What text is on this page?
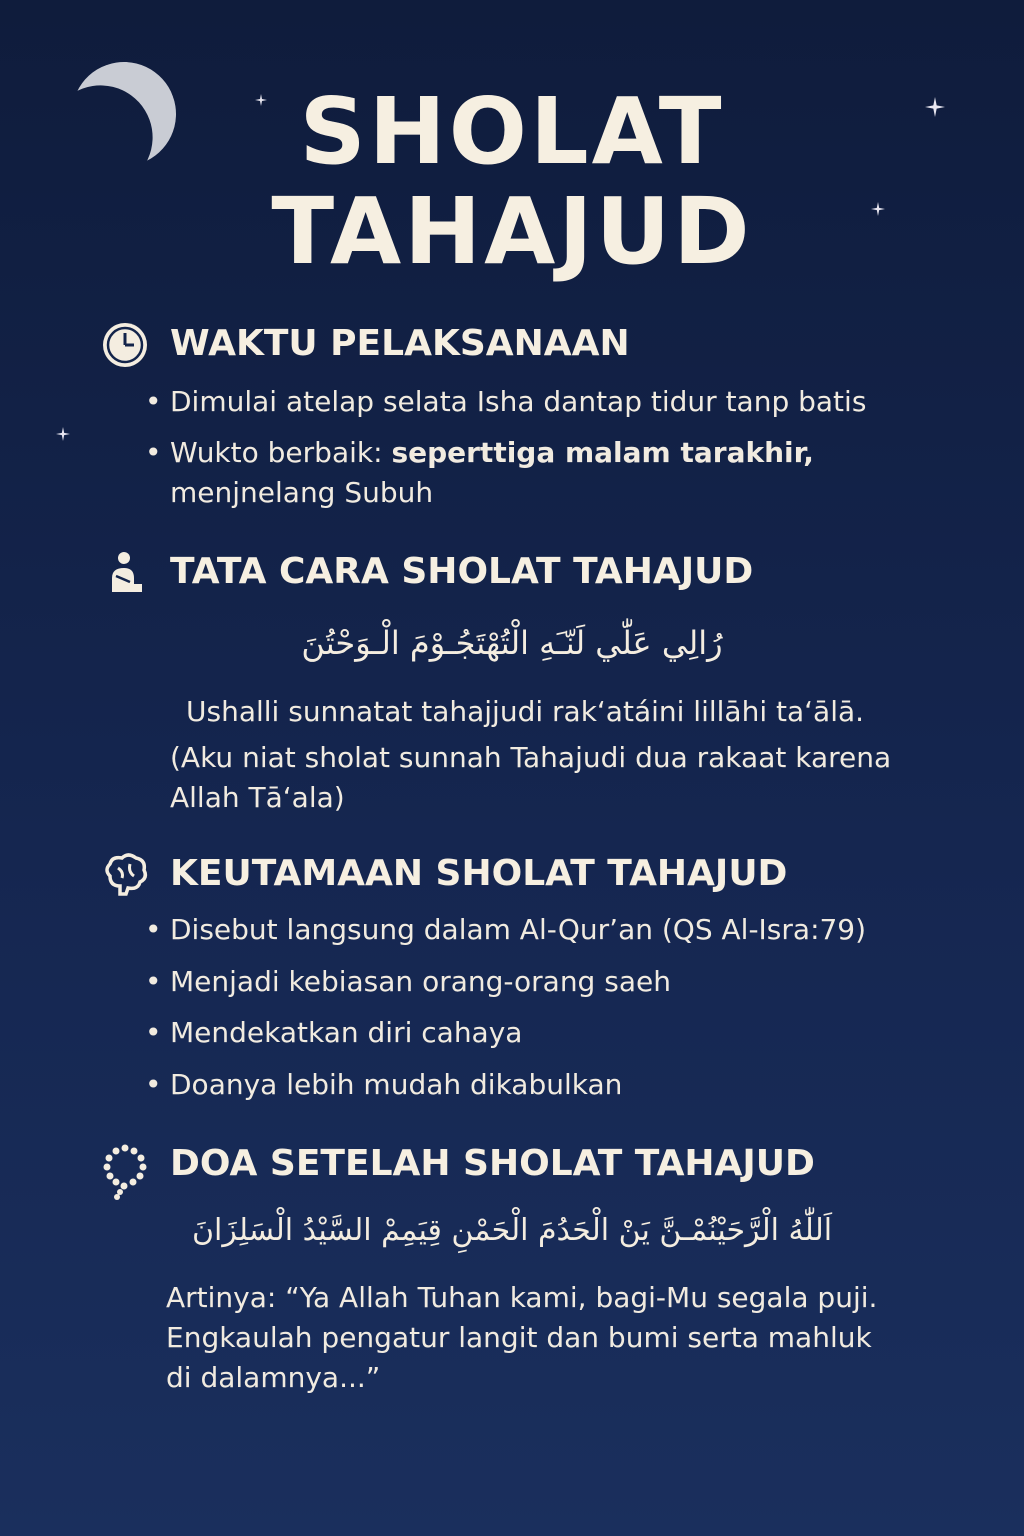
SHOLAT
TAHAJUD
WAKTU PELAKSANAAN
• Dimulai atelap selata Isha dantap tidur tanp batis
• Wukto berbaik: seperttiga malam tarakhir,
menjnelang Subuh
TATA CARA SHOLAT TAHAJUD
رُالِي عَلّٰي لَنّـَهِ الْتُهْتَجُـوْمَ الْـوَحْتُنَ
Ushalli sunnatat tahajjudi rak‘atáini lillāhi ta‘ālā.
(Aku niat sholat sunnah Tahajudi dua rakaat karena
Allah Tā‘ala)
KEUTAMAAN SHOLAT TAHAJUD
• Disebut langsung dalam Al-Qur’an (QS Al-Isra:79)
• Menjadi kebiasan orang-orang saeh
• Mendekatkan diri cahaya
• Doanya lebih mudah dikabulkan
DOA SETELAH SHOLAT TAHAJUD
اَللّٰهُ الْرَّحَيْنُمْـنَّ يَنْ الْحَدُمَ الْحَمْنِ قِيَمِمْ السَّيْدُ الْسَلِزَانَ
Artinya: “Ya Allah Tuhan kami, bagi-Mu segala puji.
Engkaulah pengatur langit dan bumi serta mahluk
di dalamnya...”
